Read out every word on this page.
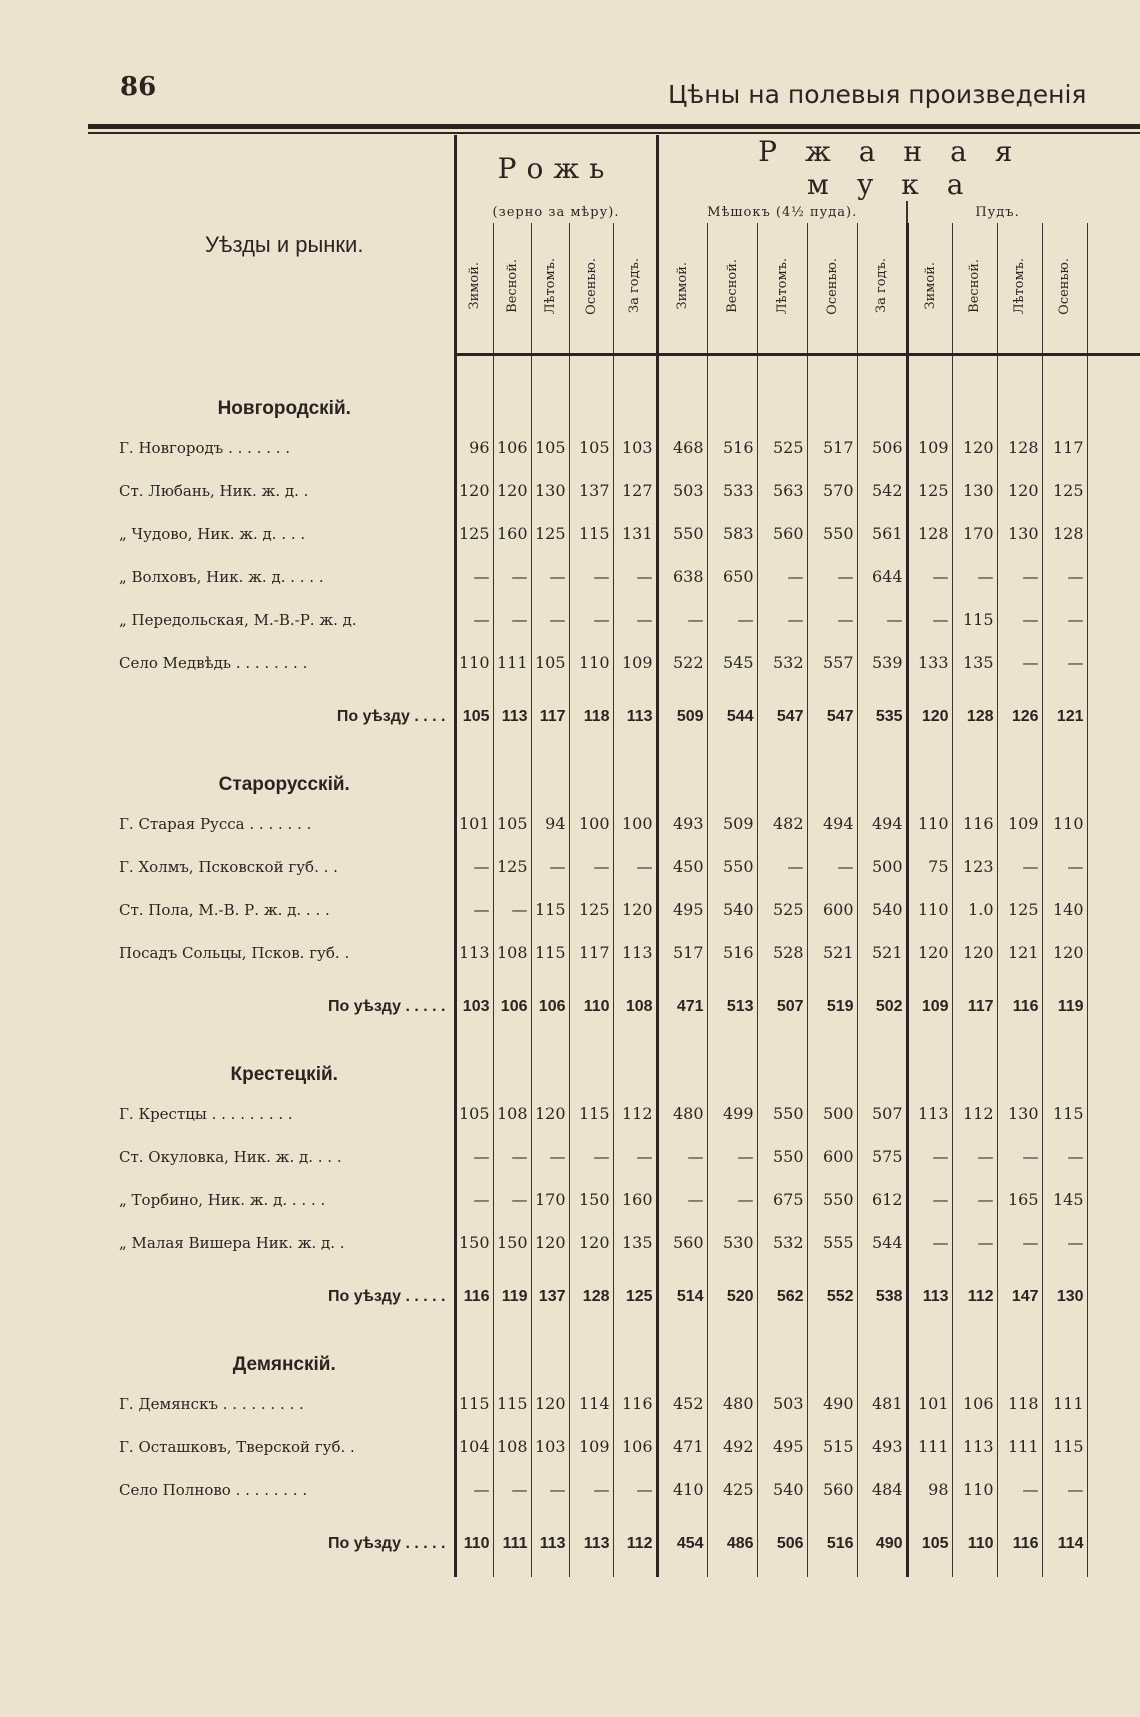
86	Цѣны на полевыя произведенія
Уѣзды и рынки.	Рожь					Ржаная мука										
	(зерно за мѣру).					Мѣшокъ (4½ пуда).					Пудъ.					
	Зимой.	Весной.	Лѣтомъ.	Осенью.	За годъ.	Зимой.	Весной.	Лѣтомъ.	Осенью.	За годъ.	Зимой.	Весной.	Лѣтомъ.	Осенью.		

Новгородскій.																
Г. Новгородъ . . . . . . .	96	106	105	105	103	468	516	525	517	506	109	120	128	117		
Ст. Любань, Ник. ж. д. .	120	120	130	137	127	503	533	563	570	542	125	130	120	125		
„ Чудово, Ник. ж. д. . . .	125	160	125	115	131	550	583	560	550	561	128	170	130	128		
„ Волховъ, Ник. ж. д. . . . .	—	—	—	—	—	638	650	—	—	644	—	—	—	—		
„ Передольская, М.-В.-Р. ж. д.	—	—	—	—	—	—	—	—	—	—	—	115	—	—		
Село Медвѣдь . . . . . . . .	110	111	105	110	109	522	545	532	557	539	133	135	—	—		
По уѣзду . . . .	105	113	117	118	113	509	544	547	547	535	120	128	126	121		
Старорусскій.																
Г. Старая Русса . . . . . . .	101	105	94	100	100	493	509	482	494	494	110	116	109	110		
Г. Холмъ, Псковской губ. . .	—	125	—	—	—	450	550	—	—	500	75	123	—	—		
Ст. Пола, М.-В. Р. ж. д. . . .	—	—	115	125	120	495	540	525	600	540	110	1.0	125	140		
Посадъ Сольцы, Псков. губ. .	113	108	115	117	113	517	516	528	521	521	120	120	121	120		
По уѣзду . . . . .	103	106	106	110	108	471	513	507	519	502	109	117	116	119		
Крестецкій.																
Г. Крестцы . . . . . . . . .	105	108	120	115	112	480	499	550	500	507	113	112	130	115		
Ст. Окуловка, Ник. ж. д. . . .	—	—	—	—	—	—	—	550	600	575	—	—	—	—		
„ Торбино, Ник. ж. д. . . . .	—	—	170	150	160	—	—	675	550	612	—	—	165	145		
„ Малая Вишера Ник. ж. д. .	150	150	120	120	135	560	530	532	555	544	—	—	—	—		
По уѣзду . . . . .	116	119	137	128	125	514	520	562	552	538	113	112	147	130		
Демянскій.																
Г. Демянскъ . . . . . . . . .	115	115	120	114	116	452	480	503	490	481	101	106	118	111		
Г. Осташковъ, Тверской губ. .	104	108	103	109	106	471	492	495	515	493	111	113	111	115		
Село Полново . . . . . . . .	—	—	—	—	—	410	425	540	560	484	98	110	—	—		
По уѣзду . . . . .	110	111	113	113	112	454	486	506	516	490	105	110	116	114		
